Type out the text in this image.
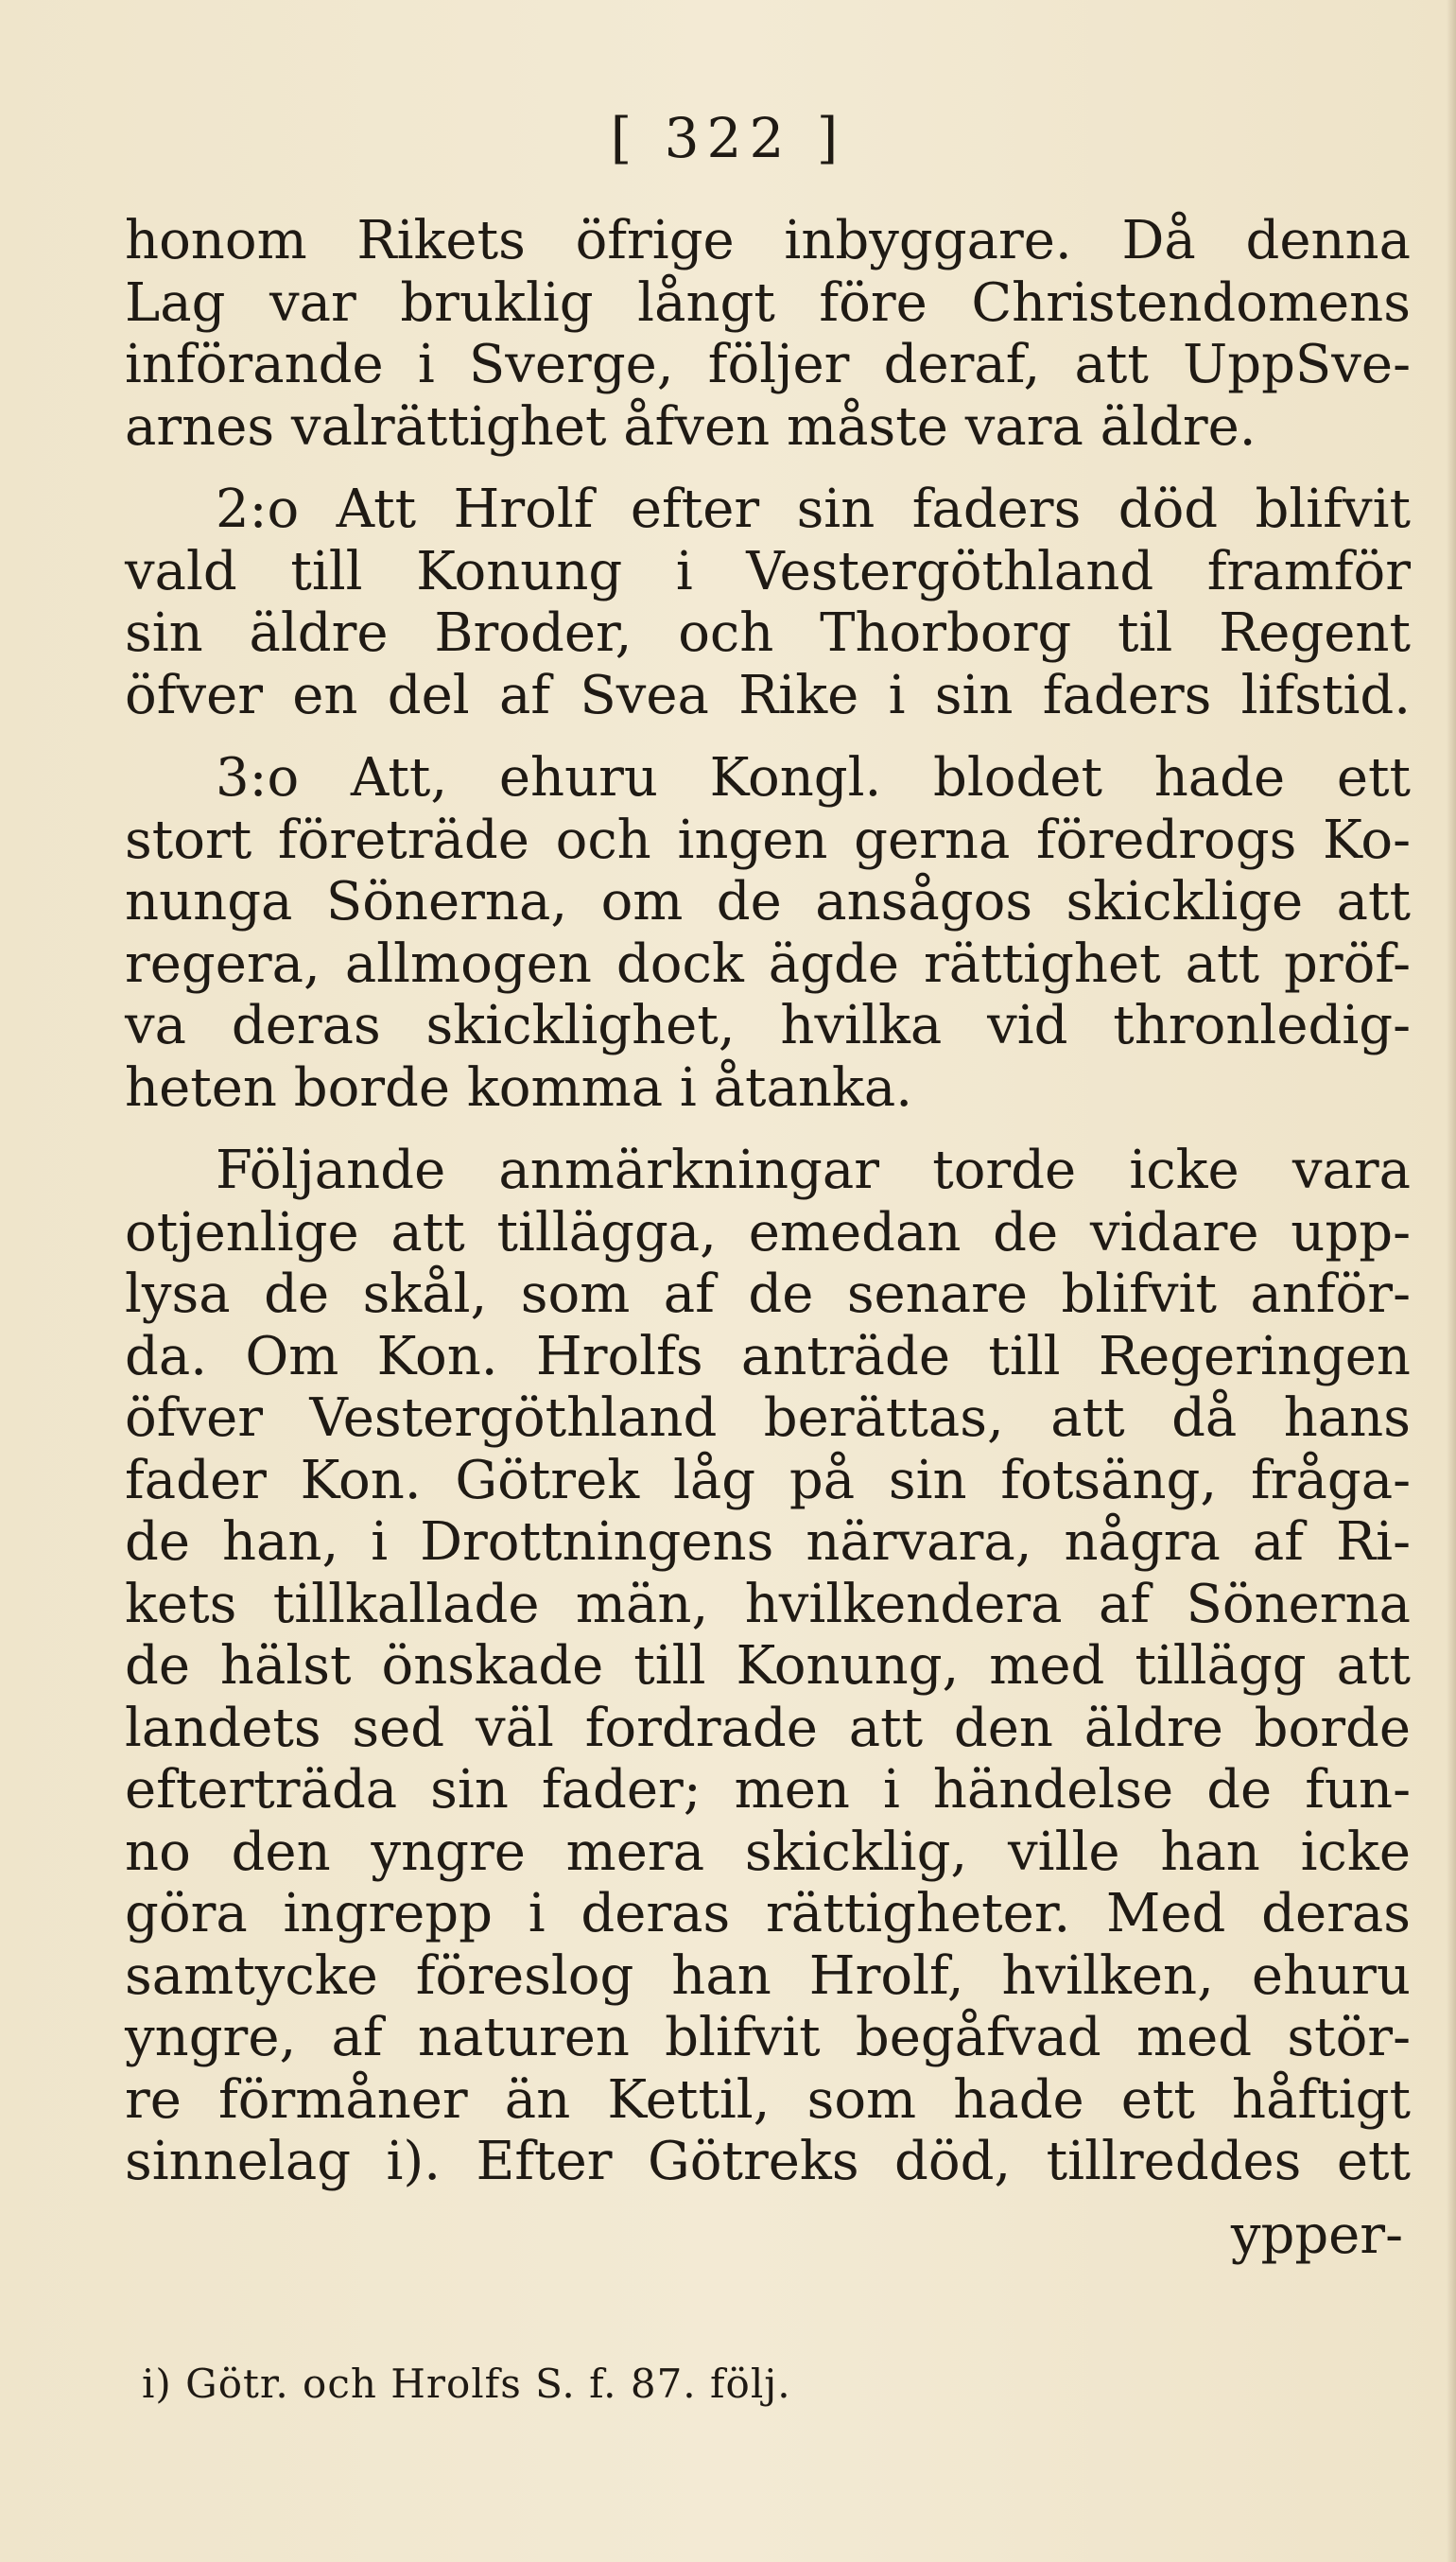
[ 322 ]
honom Rikets öfrige inbyggare. Då denna
Lag var bruklig långt före Christendomens
införande i Sverge, följer deraf, att UppSve-
arnes valrättighet åfven måste vara äldre.
2:o Att Hrolf efter sin faders död blifvit
vald till Konung i Vestergöthland framför
sin äldre Broder, och Thorborg til Regent
öfver en del af Svea Rike i sin faders lifstid.
3:o Att, ehuru Kongl. blodet hade ett
stort företräde och ingen gerna föredrogs Ko-
nunga Sönerna, om de ansågos skicklige att
regera, allmogen dock ägde rättighet att pröf-
va deras skicklighet, hvilka vid thronledig-
heten borde komma i åtanka.
Följande anmärkningar torde icke vara
otjenlige att tillägga, emedan de vidare upp-
lysa de skål, som af de senare blifvit anför-
da. Om Kon. Hrolfs anträde till Regeringen
öfver Vestergöthland berättas, att då hans
fader Kon. Götrek låg på sin fotsäng, fråga-
de han, i Drottningens närvara, några af Ri-
kets tillkallade män, hvilkendera af Sönerna
de hälst önskade till Konung, med tillägg att
landets sed väl fordrade att den äldre borde
efterträda sin fader; men i händelse de fun-
no den yngre mera skicklig, ville han icke
göra ingrepp i deras rättigheter. Med deras
samtycke föreslog han Hrolf, hvilken, ehuru
yngre, af naturen blifvit begåfvad med stör-
re förmåner än Kettil, som hade ett håftigt
sinnelag i). Efter Götreks död, tillreddes ett
ypper-
i) Götr. och Hrolfs S. f. 87. följ.
